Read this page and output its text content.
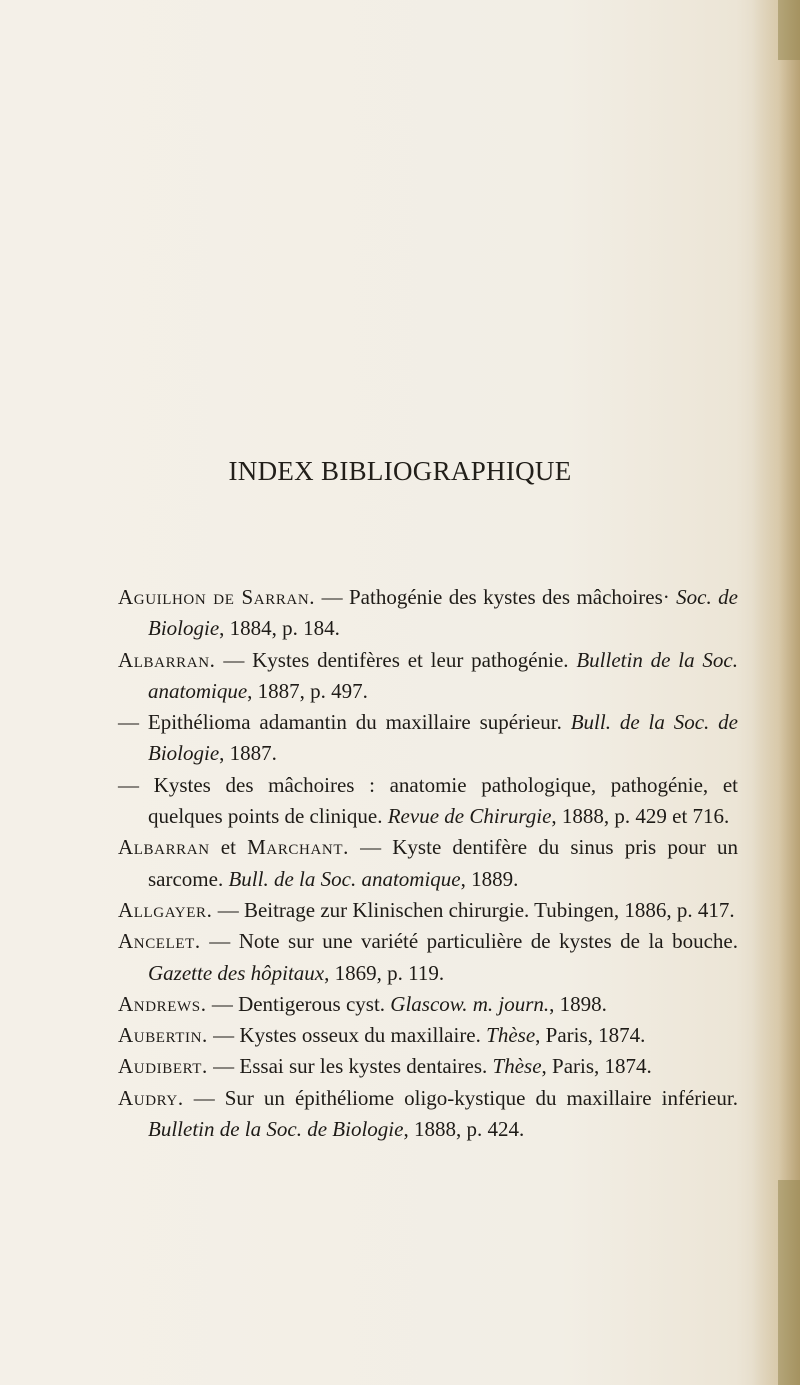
INDEX BIBLIOGRAPHIQUE

Aguilhon de Sarran. — Pathogénie des kystes des mâchoires· Soc. de Biologie, 1884, p. 184.

Albarran. — Kystes dentifères et leur pathogénie. Bulletin de la Soc. anatomique, 1887, p. 497.

— Epithélioma adamantin du maxillaire supérieur. Bull. de la Soc. de Biologie, 1887.

— Kystes des mâchoires : anatomie pathologique, pathogénie, et quelques points de clinique. Revue de Chirurgie, 1888, p. 429 et 716.

Albarran et Marchant. — Kyste dentifère du sinus pris pour un sarcome. Bull. de la Soc. anatomique, 1889.

Allgayer. — Beitrage zur Klinischen chirurgie. Tubingen, 1886, p. 417.

Ancelet. — Note sur une variété particulière de kystes de la bouche. Gazette des hôpitaux, 1869, p. 119.

Andrews. — Dentigerous cyst. Glascow. m. journ., 1898.

Aubertin. — Kystes osseux du maxillaire. Thèse, Paris, 1874.

Audibert. — Essai sur les kystes dentaires. Thèse, Paris, 1874.

Audry. — Sur un épithéliome oligo-kystique du maxillaire inférieur. Bulletin de la Soc. de Biologie, 1888, p. 424.
